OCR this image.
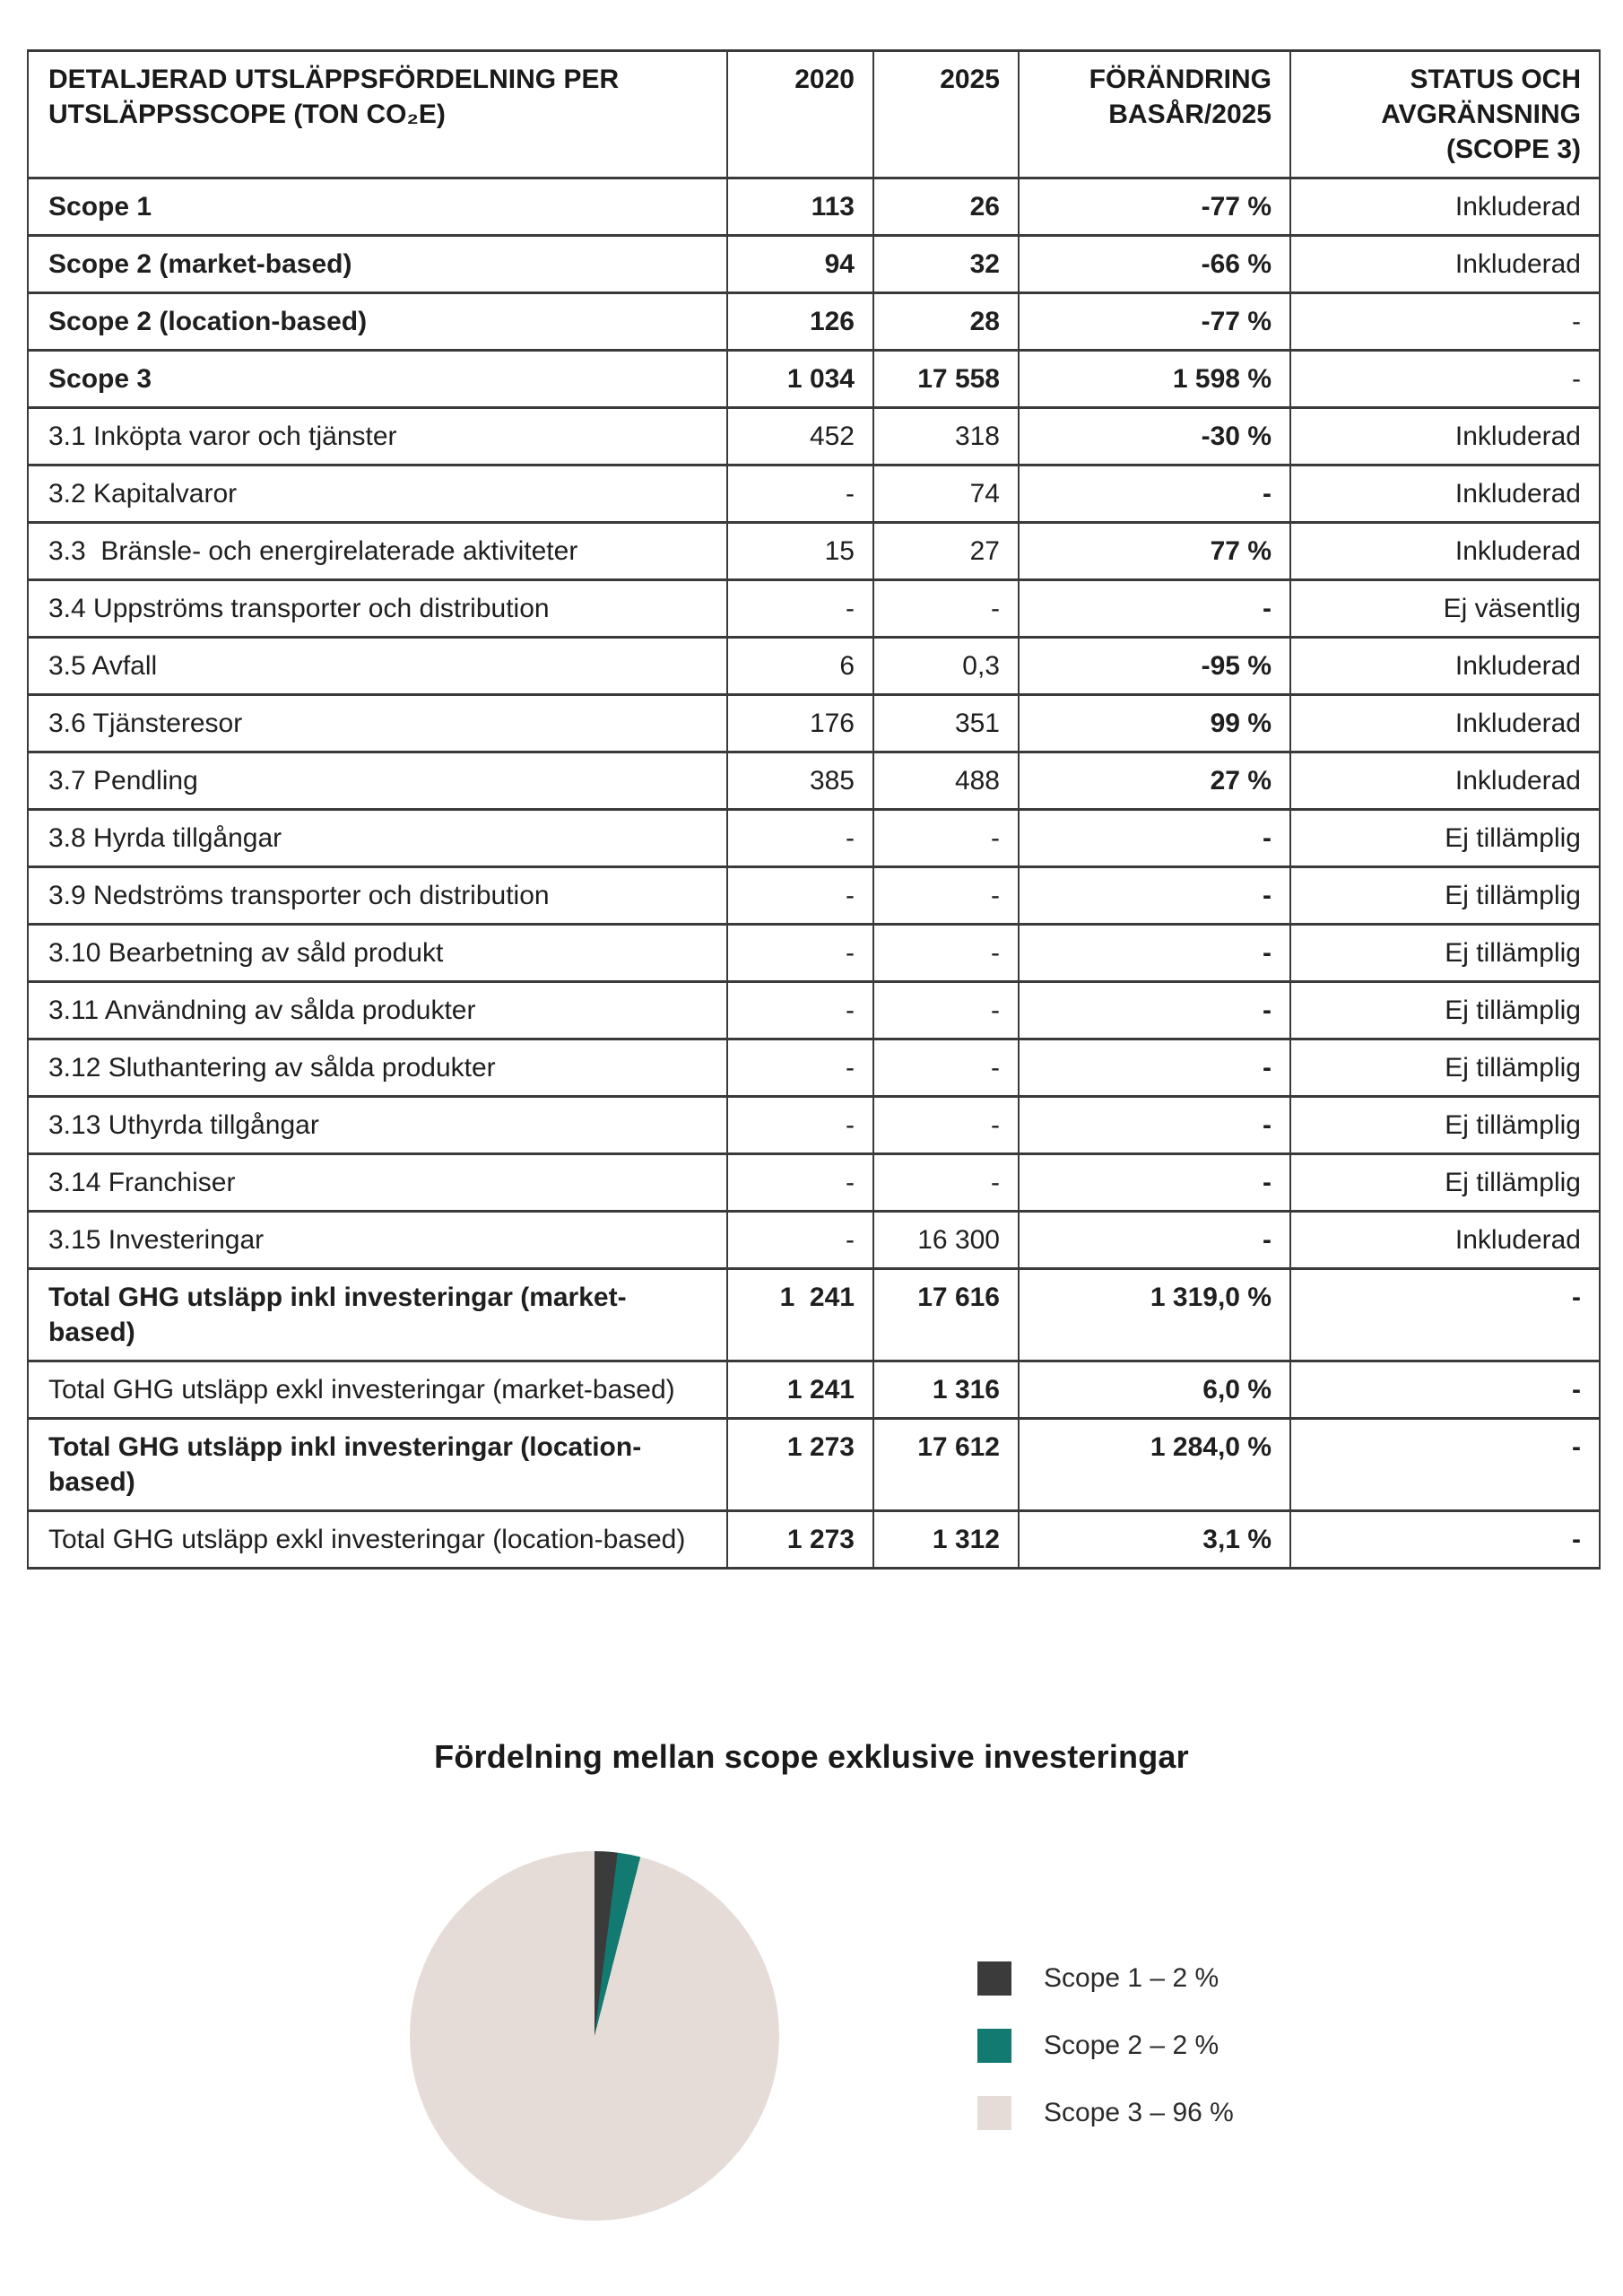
DETALJERAD UTSLÄPPSFÖRDELNING PER UTSLÄPPSSCOPE (TON CO₂E)	2020	2025	FÖRÄNDRING BASÅR/2025	STATUS OCH AVGRÄNSNING (SCOPE 3)
Scope 1	113	26	-77 %	Inkluderad
Scope 2 (market-based)	94	32	-66 %	Inkluderad
Scope 2 (location-based)	126	28	-77 %	-
Scope 3	1 034	17 558	1 598 %	-
3.1 Inköpta varor och tjänster	452	318	-30 %	Inkluderad
3.2 Kapitalvaror	-	74	-	Inkluderad
3.3  Bränsle- och energirelaterade aktiviteter	15	27	77 %	Inkluderad
3.4 Uppströms transporter och distribution	-	-	-	Ej väsentlig
3.5 Avfall	6	0,3	-95 %	Inkluderad
3.6 Tjänsteresor	176	351	99 %	Inkluderad
3.7 Pendling	385	488	27 %	Inkluderad
3.8 Hyrda tillgångar	-	-	-	Ej tillämplig
3.9 Nedströms transporter och distribution	-	-	-	Ej tillämplig
3.10 Bearbetning av såld produkt	-	-	-	Ej tillämplig
3.11 Användning av sålda produkter	-	-	-	Ej tillämplig
3.12 Sluthantering av sålda produkter	-	-	-	Ej tillämplig
3.13 Uthyrda tillgångar	-	-	-	Ej tillämplig
3.14 Franchiser	-	-	-	Ej tillämplig
3.15 Investeringar	-	16 300	-	Inkluderad
Total GHG utsläpp inkl investeringar (market-based)	1  241	17 616	1 319,0 %	-
Total GHG utsläpp exkl investeringar (market-based)	1 241	1 316	6,0 %	-
Total GHG utsläpp inkl investeringar (location-based)	1 273	17 612	1 284,0 %	-
Total GHG utsläpp exkl investeringar (location-based)	1 273	1 312	3,1 %	-
Fördelning mellan scope exklusive investeringar
Scope 1 – 2 %
Scope 2 – 2 %
Scope 3 – 96 %
